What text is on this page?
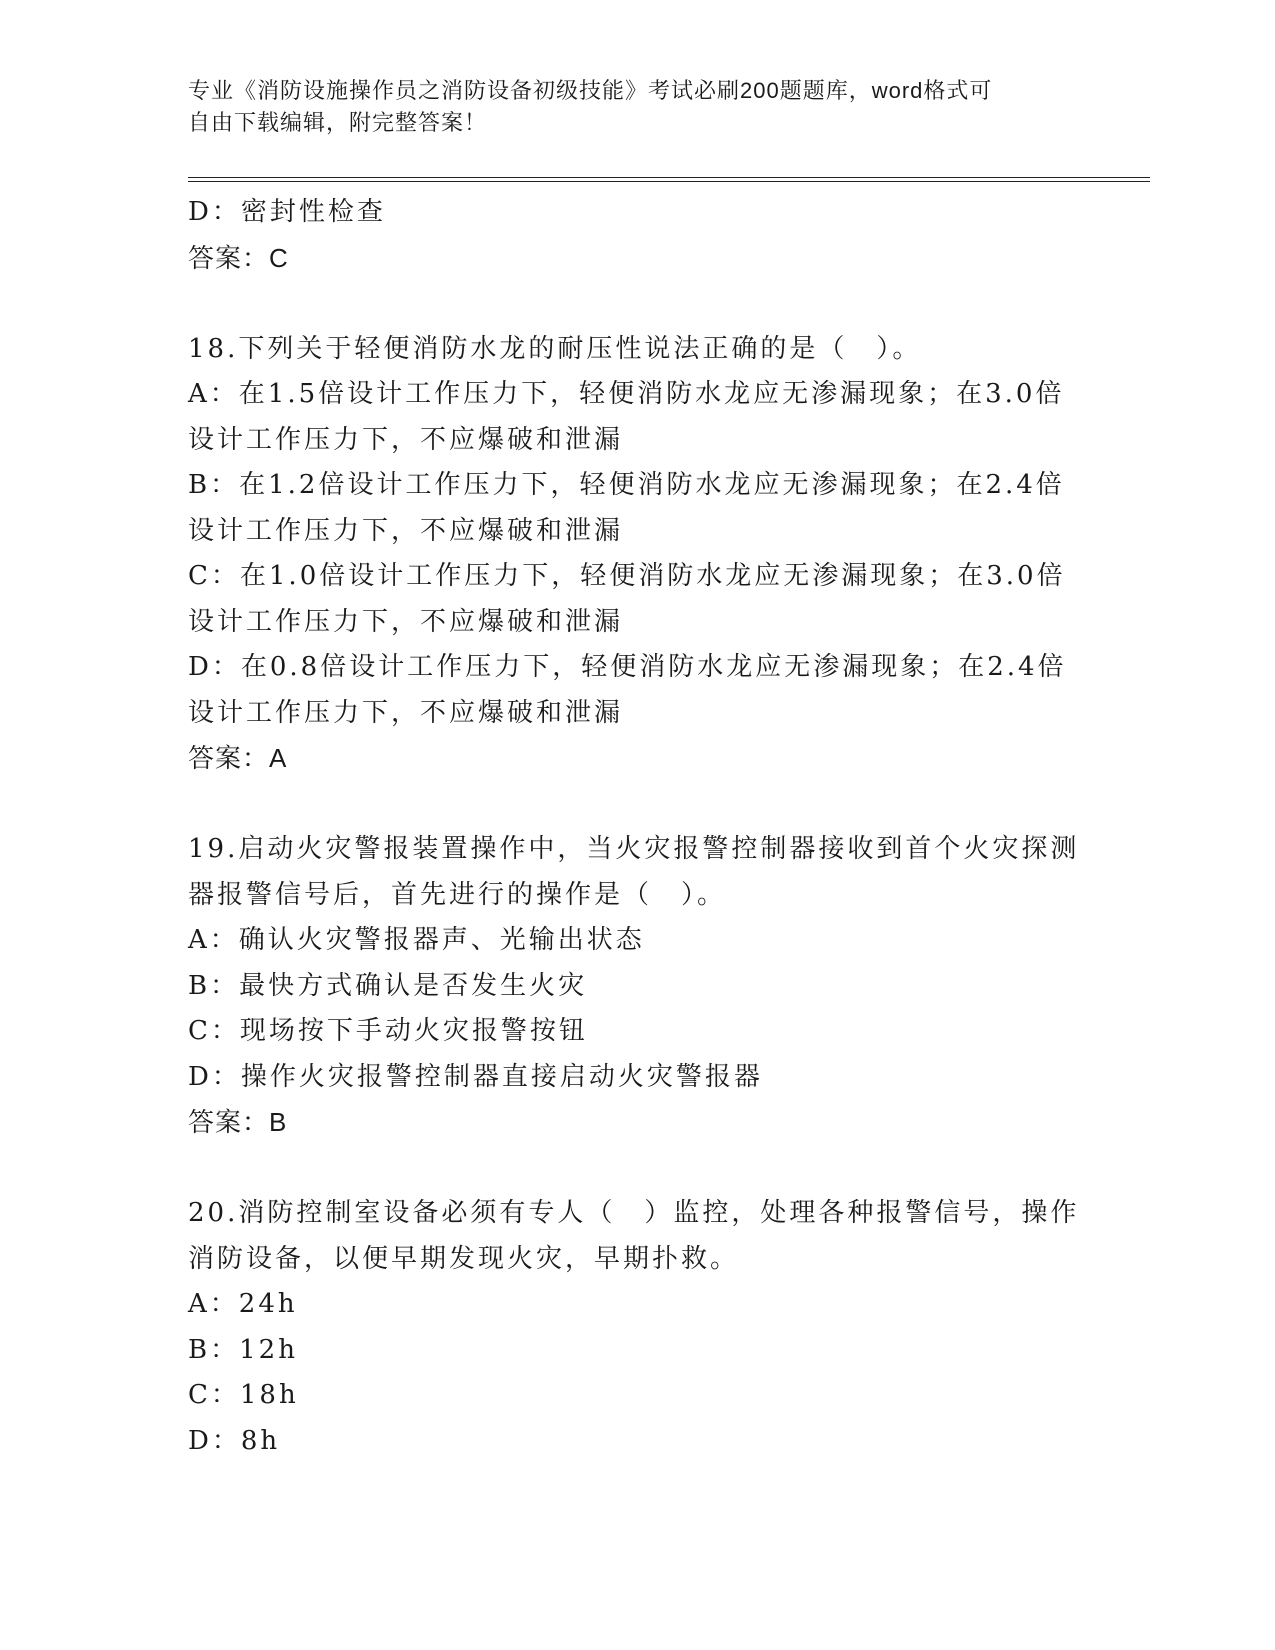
专业《消防设施操作员之消防设备初级技能》考试必刷200题题库，word格式可
自由下载编辑，附完整答案！
D：密封性检查
答案：C
18.下列关于轻便消防水龙的耐压性说法正确的是（　）。
A：在1.5倍设计工作压力下，轻便消防水龙应无渗漏现象；在3.0倍
设计工作压力下，不应爆破和泄漏
B：在1.2倍设计工作压力下，轻便消防水龙应无渗漏现象；在2.4倍
设计工作压力下，不应爆破和泄漏
C：在1.0倍设计工作压力下，轻便消防水龙应无渗漏现象；在3.0倍
设计工作压力下，不应爆破和泄漏
D：在0.8倍设计工作压力下，轻便消防水龙应无渗漏现象；在2.4倍
设计工作压力下，不应爆破和泄漏
答案：A
19.启动火灾警报装置操作中，当火灾报警控制器接收到首个火灾探测
器报警信号后，首先进行的操作是（　）。
A：确认火灾警报器声、光输出状态
B：最快方式确认是否发生火灾
C：现场按下手动火灾报警按钮
D：操作火灾报警控制器直接启动火灾警报器
答案：B
20.消防控制室设备必须有专人（　）监控，处理各种报警信号，操作
消防设备，以便早期发现火灾，早期扑救。
A：24h
B：12h
C：18h
D：8h
